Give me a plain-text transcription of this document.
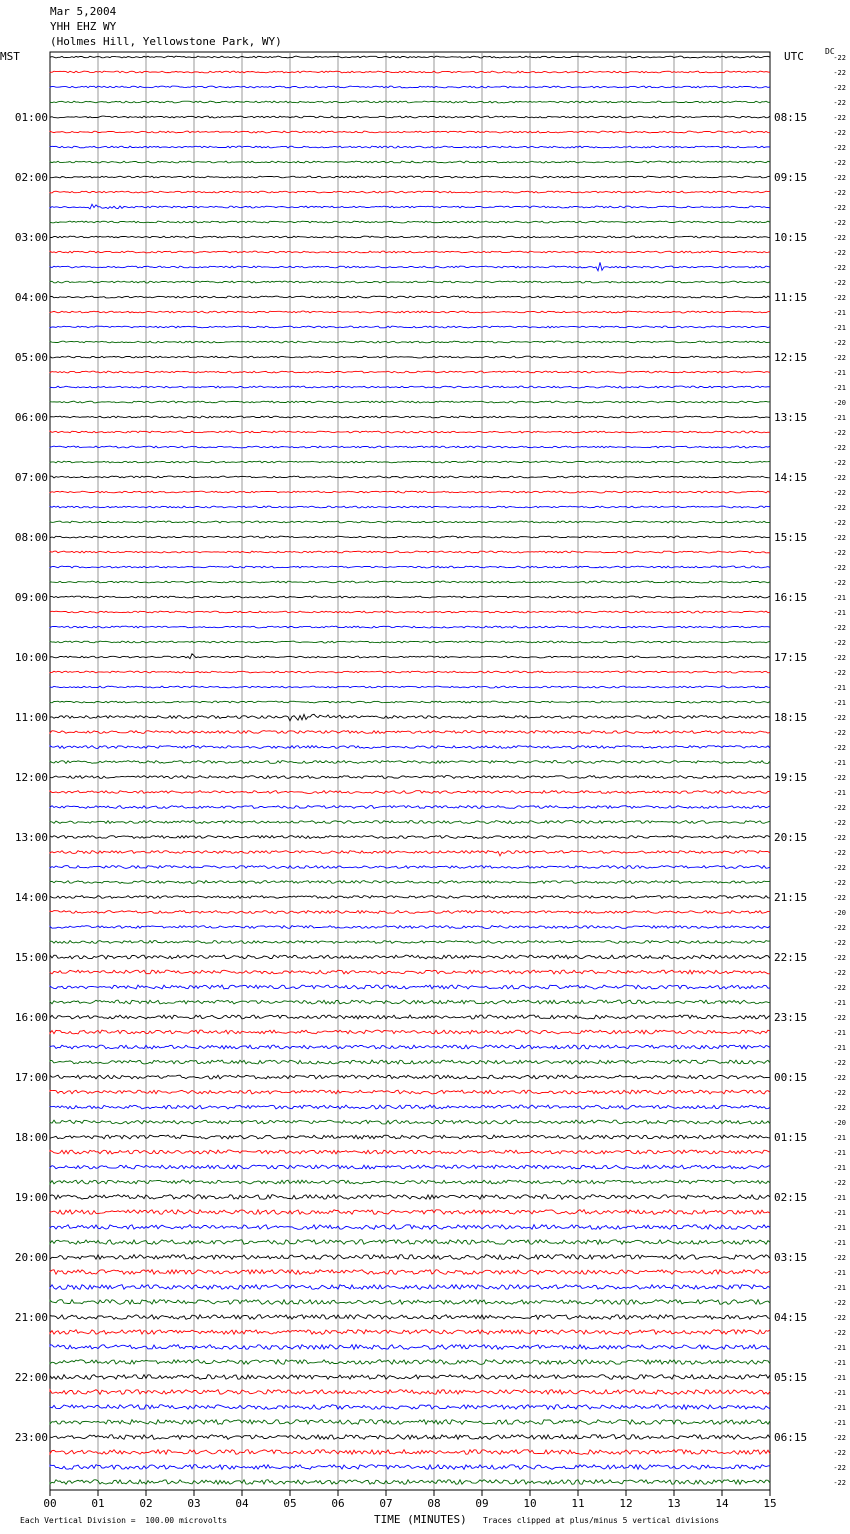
Mar 5,2004
YHH EHZ WY
(Holmes Hill, Yellowstone Park, WY)
MST	UTC	DC
00	01	02	03	04	05	06	07	08	09	10	11	12	13	14	15
-22
-22
-22
-22
-22
-22
-22
-22
-22
-22
-22
-22
-22
-22
-22
-22
-22
-21
-21
-22
-22
-21
-21
-20
-21
-22
-22
-22
-22
-22
-22
-22
-22
-22
-22
-22
-21
-21
-22
-22
-22
-22
-21
-21
-22
-22
-22
-21
-22
-21
-22
-22
-22
-22
-22
-22
-22
-20
-22
-22
-22
-22
-22
-21
-22
-21
-21
-22
-22
-22
-22
-20
-21
-21
-21
-22
-21
-21
-21
-21
-22
-21
-21
-22
-22
-22
-21
-21
-21
-21
-21
-21
-22
-22
-22
-22
01:00
02:00
03:00
04:00
05:00
06:00
07:00
08:00
09:00
10:00
11:00
12:00
13:00
14:00
15:00
16:00
17:00
18:00
19:00
20:00
21:00
22:00
23:00
08:15
09:15
10:15
11:15
12:15
13:15
14:15
15:15
16:15
17:15
18:15
19:15
20:15
21:15
22:15
23:15
00:15
01:15
02:15
03:15
04:15
05:15
06:15
Each Vertical Division =  100.00 microvolts	TIME (MINUTES) Traces clipped at plus/minus 5 vertical divisions
